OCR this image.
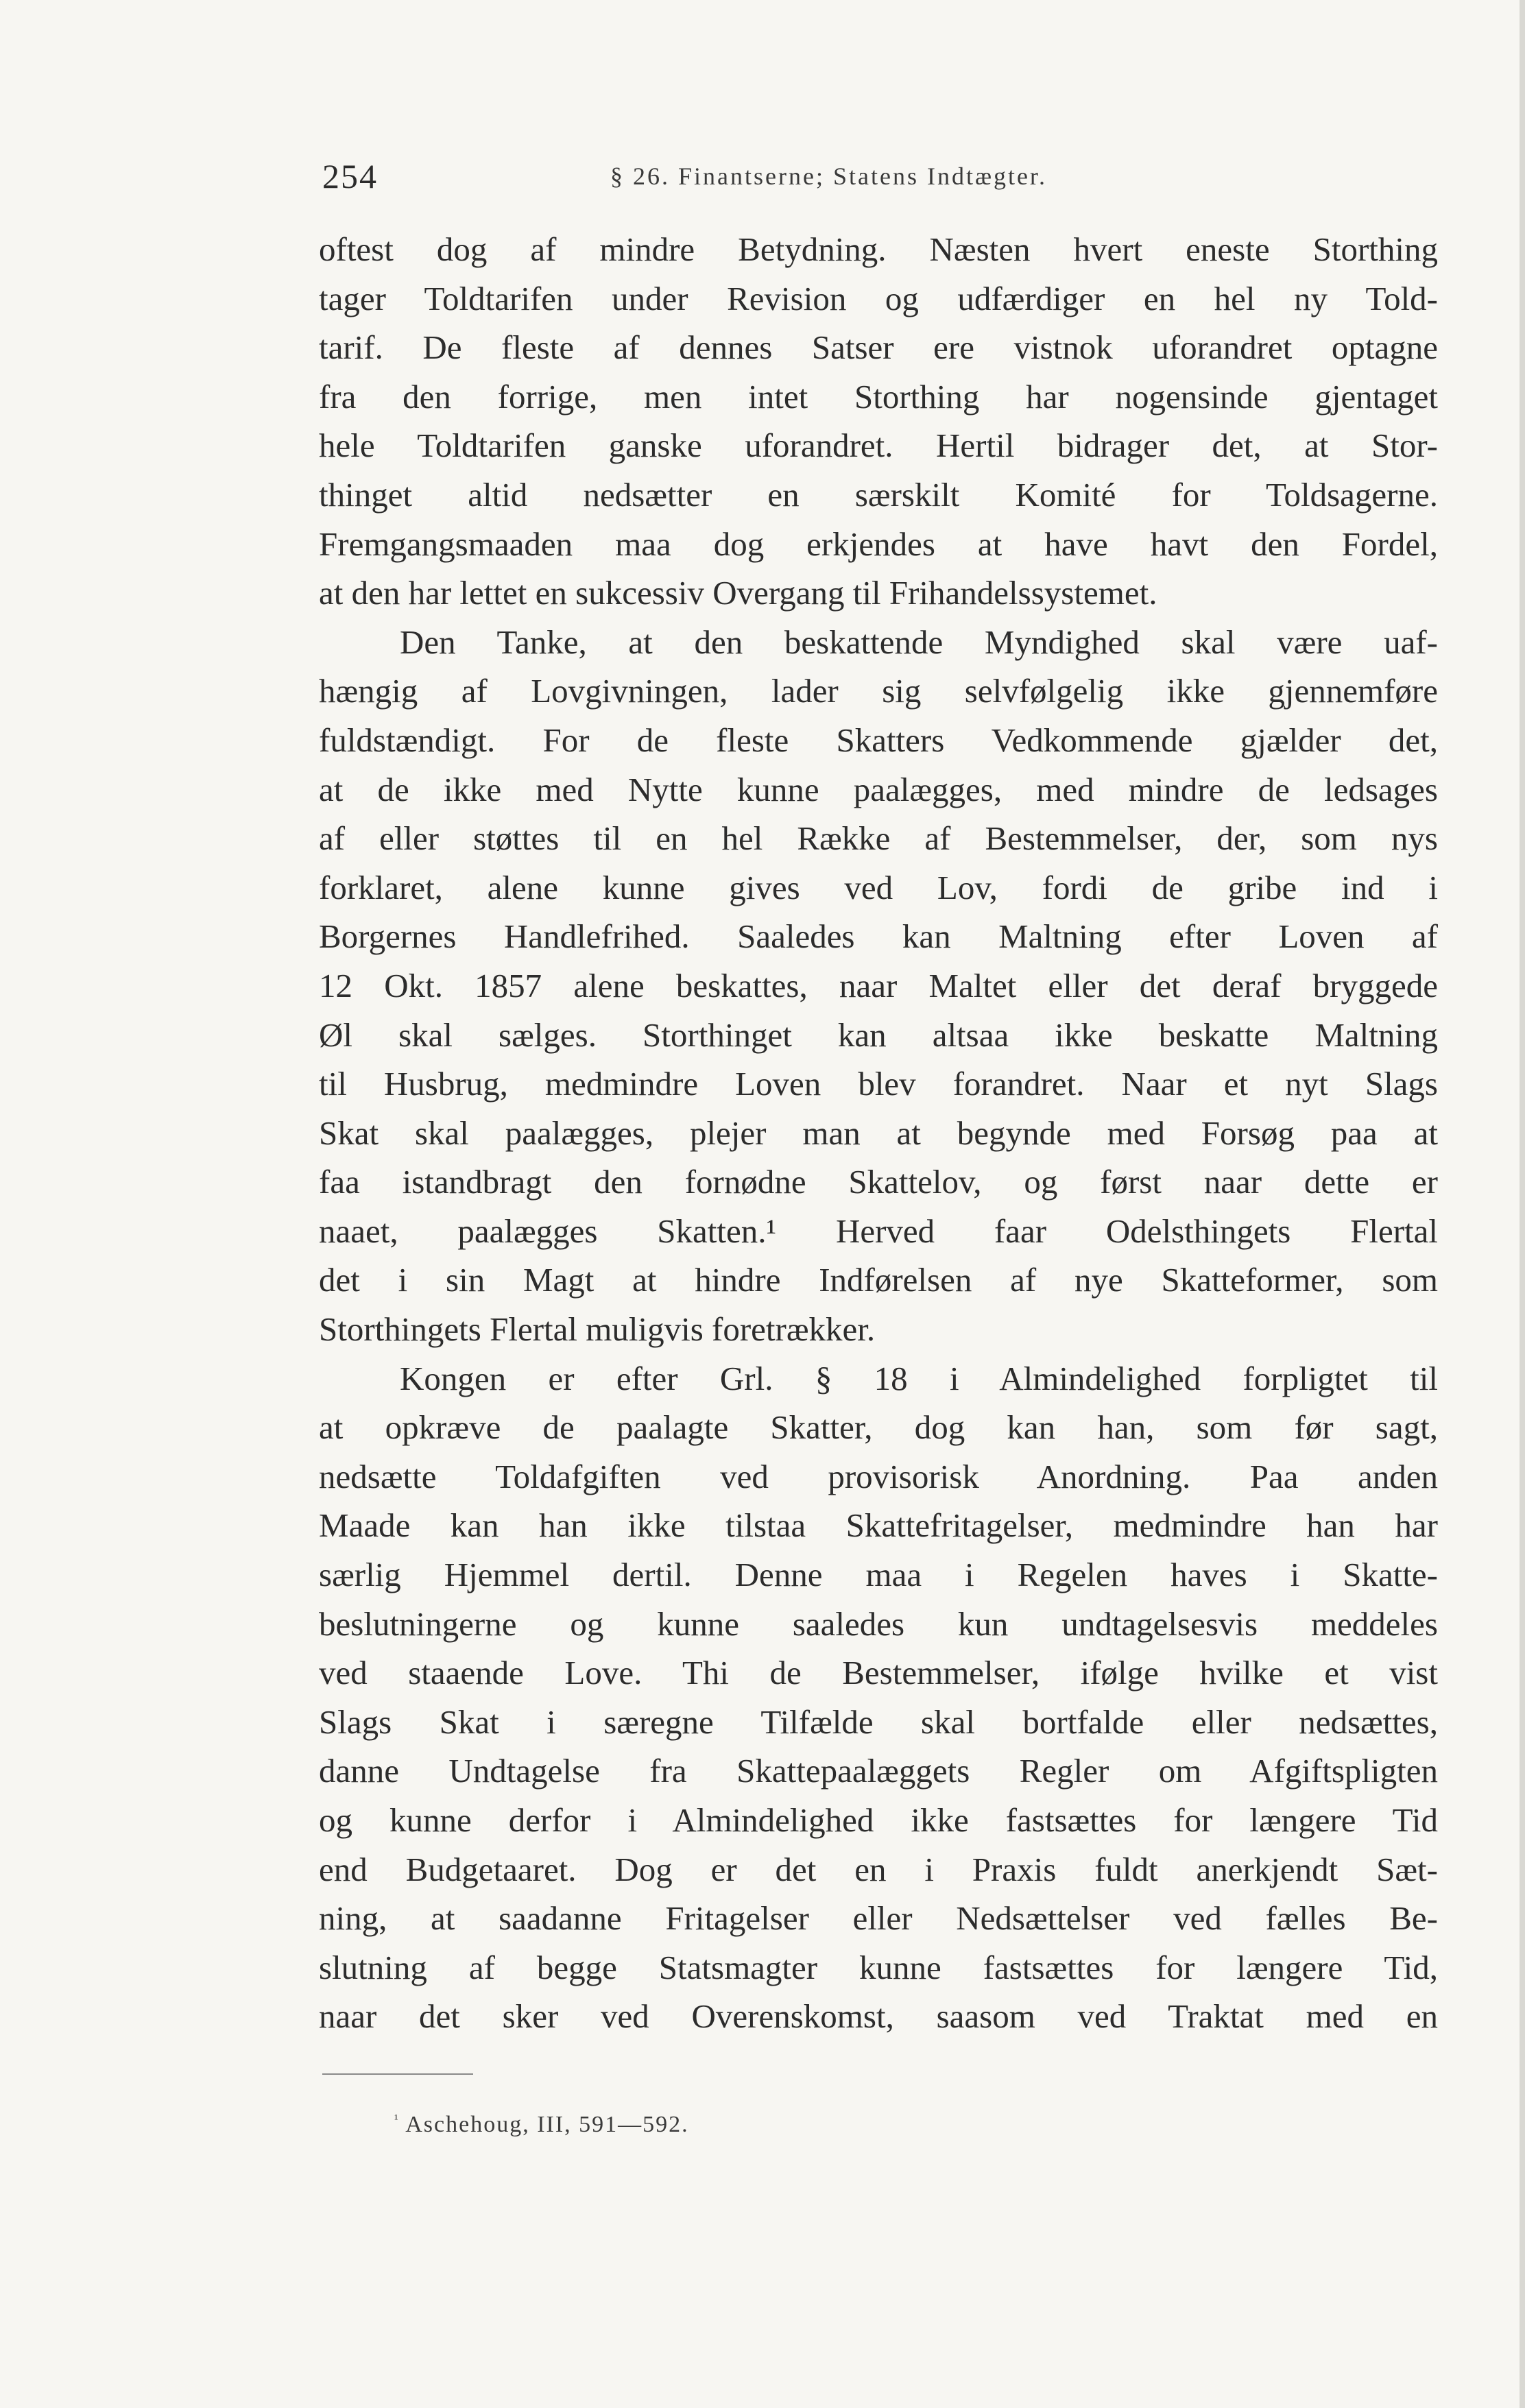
254	§ 26. Finantserne; Statens Indtægter.
oftest dog af mindre Betydning. Næsten hvert eneste Storthing
tager Toldtarifen under Revision og udfærdiger en hel ny Told-
tarif. De fleste af dennes Satser ere vistnok uforandret optagne
fra den forrige, men intet Storthing har nogensinde gjentaget
hele Toldtarifen ganske uforandret. Hertil bidrager det, at Stor-
thinget altid nedsætter en særskilt Komité for Toldsagerne.
Fremgangsmaaden maa dog erkjendes at have havt den Fordel,
at den har lettet en sukcessiv Overgang til Frihandelssystemet.
Den Tanke, at den beskattende Myndighed skal være uaf-
hængig af Lovgivningen, lader sig selvfølgelig ikke gjennemføre
fuldstændigt. For de fleste Skatters Vedkommende gjælder det,
at de ikke med Nytte kunne paalægges, med mindre de ledsages
af eller støttes til en hel Række af Bestemmelser, der, som nys
forklaret, alene kunne gives ved Lov, fordi de gribe ind i
Borgernes Handlefrihed. Saaledes kan Maltning efter Loven af
12 Okt. 1857 alene beskattes, naar Maltet eller det deraf bryggede
Øl skal sælges. Storthinget kan altsaa ikke beskatte Maltning
til Husbrug, medmindre Loven blev forandret. Naar et nyt Slags
Skat skal paalægges, plejer man at begynde med Forsøg paa at
faa istandbragt den fornødne Skattelov, og først naar dette er
naaet, paalægges Skatten.¹ Herved faar Odelsthingets Flertal
det i sin Magt at hindre Indførelsen af nye Skatteformer, som
Storthingets Flertal muligvis foretrækker.
Kongen er efter Grl. § 18 i Almindelighed forpligtet til
at opkræve de paalagte Skatter, dog kan han, som før sagt,
nedsætte Toldafgiften ved provisorisk Anordning. Paa anden
Maade kan han ikke tilstaa Skattefritagelser, medmindre han har
særlig Hjemmel dertil. Denne maa i Regelen haves i Skatte-
beslutningerne og kunne saaledes kun undtagelsesvis meddeles
ved staaende Love. Thi de Bestemmelser, ifølge hvilke et vist
Slags Skat i særegne Tilfælde skal bortfalde eller nedsættes,
danne Undtagelse fra Skattepaalæggets Regler om Afgiftspligten
og kunne derfor i Almindelighed ikke fastsættes for længere Tid
end Budgetaaret. Dog er det en i Praxis fuldt anerkjendt Sæt-
ning, at saadanne Fritagelser eller Nedsættelser ved fælles Be-
slutning af begge Statsmagter kunne fastsættes for længere Tid,
naar det sker ved Overenskomst, saasom ved Traktat med en
$^{^1}$ Aschehoug, III, 591—592.
